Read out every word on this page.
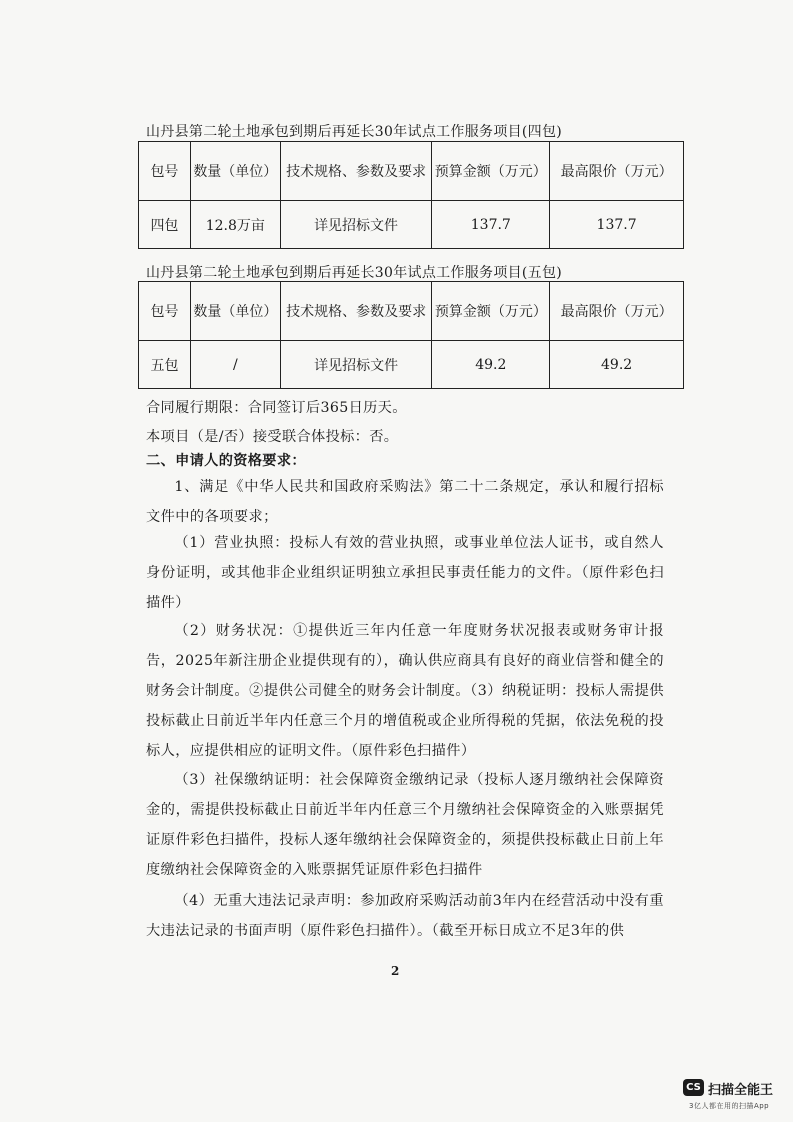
山丹县第二轮土地承包到期后再延长30年试点工作服务项目(四包)
包号	数量（单位）	技术规格、参数及要求	预算金额（万元）	最高限价（万元）
四包	12.8万亩	详见招标文件	137.7	137.7
山丹县第二轮土地承包到期后再延长30年试点工作服务项目(五包)
包号	数量（单位）	技术规格、参数及要求	预算金额（万元）	最高限价（万元）
五包	/	详见招标文件	49.2	49.2
合同履行期限：合同签订后365日历天。
本项目（是/否）接受联合体投标：否。
二、申请人的资格要求：
1、满足《中华人民共和国政府采购法》第二十二条规定，承认和履行招标文件中的各项要求；
（1）营业执照：投标人有效的营业执照，或事业单位法人证书，或自然人身份证明，或其他非企业组织证明独立承担民事责任能力的文件。（原件彩色扫描件）
（2）财务状况：①提供近三年内任意一年度财务状况报表或财务审计报告，2025年新注册企业提供现有的），确认供应商具有良好的商业信誉和健全的财务会计制度。②提供公司健全的财务会计制度。（3）纳税证明：投标人需提供投标截止日前近半年内任意三个月的增值税或企业所得税的凭据，依法免税的投标人，应提供相应的证明文件。（原件彩色扫描件）
（3）社保缴纳证明：社会保障资金缴纳记录（投标人逐月缴纳社会保障资金的，需提供投标截止日前近半年内任意三个月缴纳社会保障资金的入账票据凭证原件彩色扫描件，投标人逐年缴纳社会保障资金的，须提供投标截止日前上年度缴纳社会保障资金的入账票据凭证原件彩色扫描件
（4）无重大违法记录声明：参加政府采购活动前3年内在经营活动中没有重大违法记录的书面声明（原件彩色扫描件）。（截至开标日成立不足3年的供
2
CS 扫描全能王
3亿人都在用的扫描App
